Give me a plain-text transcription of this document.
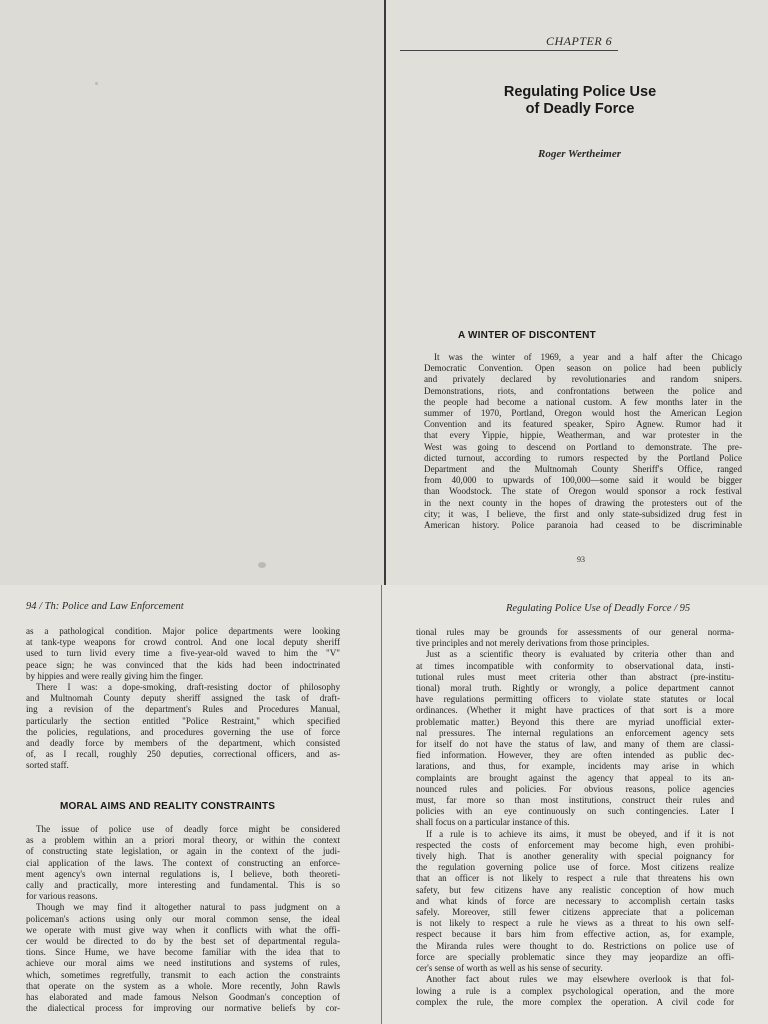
CHAPTER 6
Regulating Police Use
of Deadly Force
Roger Wertheimer
A WINTER OF DISCONTENT
It was the winter of 1969, a year and a half after the Chicago
Democratic Convention. Open season on police had been publicly
and privately declared by revolutionaries and random snipers.
Demonstrations, riots, and confrontations between the police and
the people had become a national custom. A few months later in the
summer of 1970, Portland, Oregon would host the American Legion
Convention and its featured speaker, Spiro Agnew. Rumor had it
that every Yippie, hippie, Weatherman, and war protester in the
West was going to descend on Portland to demonstrate. The pre-
dicted turnout, according to rumors respected by the Portland Police
Department and the Multnomah County Sheriff's Office, ranged
from 40,000 to upwards of 100,000—some said it would be bigger
than Woodstock. The state of Oregon would sponsor a rock festival
in the next county in the hopes of drawing the protesters out of the
city; it was, I believe, the first and only state-subsidized drug fest in
American history. Police paranoia had ceased to be discriminable
93
94 / Th: Police and Law Enforcement	Regulating Police Use of Deadly Force / 95
as a pathological condition. Major police departments were looking
at tank-type weapons for crowd control. And one local deputy sheriff
used to turn livid every time a five-year-old waved to him the "V"
peace sign; he was convinced that the kids had been indoctrinated
by hippies and were really giving him the finger.
There I was: a dope-smoking, draft-resisting doctor of philosophy
and Multnomah County deputy sheriff assigned the task of draft-
ing a revision of the department's Rules and Procedures Manual,
particularly the section entitled "Police Restraint," which specified
the policies, regulations, and procedures governing the use of force
and deadly force by members of the department, which consisted
of, as I recall, roughly 250 deputies, correctional officers, and as-
sorted staff.
MORAL AIMS AND REALITY CONSTRAINTS
The issue of police use of deadly force might be considered
as a problem within an a priori moral theory, or within the context
of constructing state legislation, or again in the context of the judi-
cial application of the laws. The context of constructing an enforce-
ment agency's own internal regulations is, I believe, both theoreti-
cally and practically, more interesting and fundamental. This is so
for various reasons.
Though we may find it altogether natural to pass judgment on a
policeman's actions using only our moral common sense, the ideal
we operate with must give way when it conflicts with what the offi-
cer would be directed to do by the best set of departmental regula-
tions. Since Hume, we have become familiar with the idea that to
achieve our moral aims we need institutions and systems of rules,
which, sometimes regretfully, transmit to each action the constraints
that operate on the system as a whole. More recently, John Rawls
has elaborated and made famous Nelson Goodman's conception of
the dialectical process for improving our normative beliefs by cor-
tional rules may be grounds for assessments of our general norma-
tive principles and not merely derivations from those principles.
Just as a scientific theory is evaluated by criteria other than and
at times incompatible with conformity to observational data, insti-
tutional rules must meet criteria other than abstract (pre-institu-
tional) moral truth. Rightly or wrongly, a police department cannot
have regulations permitting officers to violate state statutes or local
ordinances. (Whether it might have practices of that sort is a more
problematic matter.) Beyond this there are myriad unofficial exter-
nal pressures. The internal regulations an enforcement agency sets
for itself do not have the status of law, and many of them are classi-
fied information. However, they are often intended as public dec-
larations, and thus, for example, incidents may arise in which
complaints are brought against the agency that appeal to its an-
nounced rules and policies. For obvious reasons, police agencies
must, far more so than most institutions, construct their rules and
policies with an eye continuously on such contingencies. Later I
shall focus on a particular instance of this.
If a rule is to achieve its aims, it must be obeyed, and if it is not
respected the costs of enforcement may become high, even prohibi-
tively high. That is another generality with special poignancy for
the regulation governing police use of force. Most citizens realize
that an officer is not likely to respect a rule that threatens his own
safety, but few citizens have any realistic conception of how much
and what kinds of force are necessary to accomplish certain tasks
safely. Moreover, still fewer citizens appreciate that a policeman
is not likely to respect a rule he views as a threat to his own self-
respect because it bars him from effective action, as, for example,
the Miranda rules were thought to do. Restrictions on police use of
force are specially problematic since they may jeopardize an offi-
cer's sense of worth as well as his sense of security.
Another fact about rules we may elsewhere overlook is that fol-
lowing a rule is a complex psychological operation, and the more
complex the rule, the more complex the operation. A civil code for
